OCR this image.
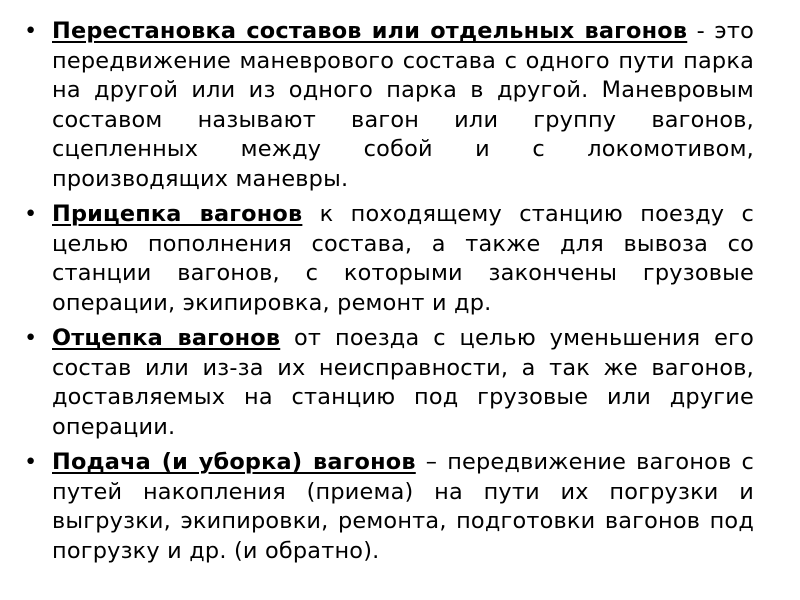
• Перестановка составов или отдельных вагонов - это передвижение маневрового состава с одного пути парка на другой или из одного парка в другой. Маневровым составом называют вагон или группу вагонов, сцепленных между собой и с локомотивом, производящих маневры.
• Прицепка вагонов к походящему станцию поезду с целью пополнения состава, а также для вывоза со станции вагонов, с которыми закончены грузовые операции, экипировка, ремонт и др.
• Отцепка вагонов от поезда с целью уменьшения его состав или из-за их неисправности, а так же вагонов, доставляемых на станцию под грузовые или другие операции.
• Подача (и уборка) вагонов – передвижение вагонов с путей накопления (приема) на пути их погрузки и выгрузки, экипировки, ремонта, подготовки вагонов под погрузку и др. (и обратно).
